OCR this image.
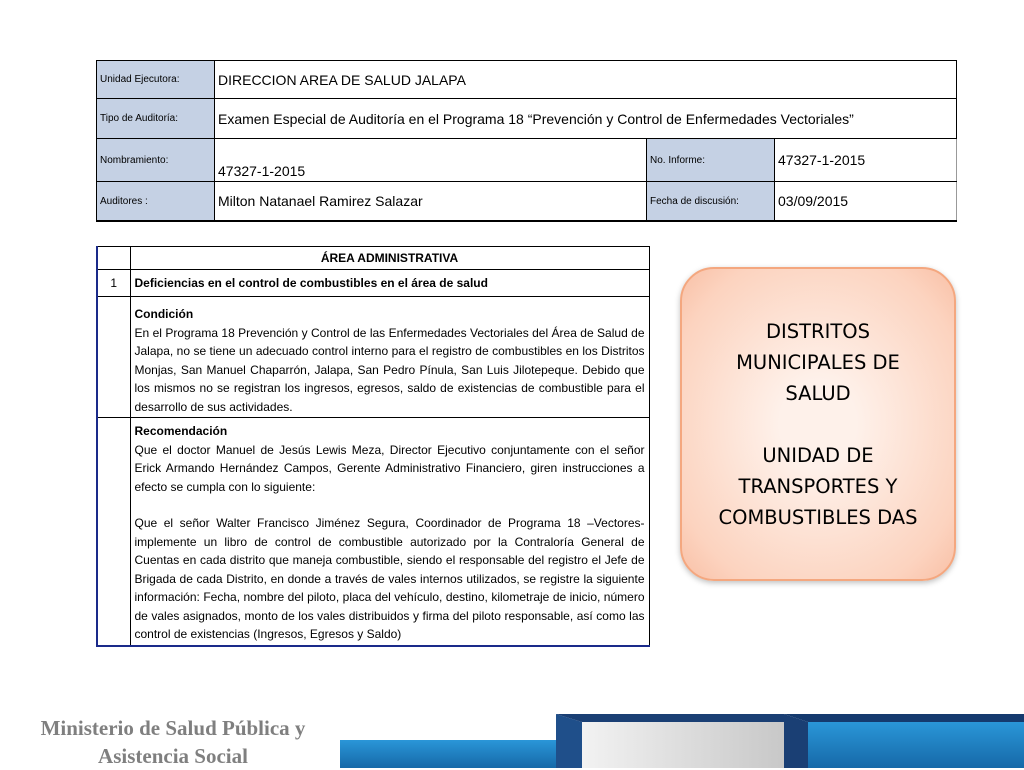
Unidad Ejecutora:	DIRECCION AREA DE SALUD JALAPA		
Tipo de Auditoría:	Examen Especial de Auditoría en el Programa 18 “Prevención y Control de Enfermedades Vectoriales”		
Nombramiento:	47327-1-2015	No. Informe:	47327-1-2015
Auditores :	Milton Natanael Ramirez Salazar	Fecha de discusión:	03/09/2015
	ÁREA ADMINISTRATIVA
1	Deficiencias en el control de combustibles en el área de salud

	Condición
En el Programa 18 Prevención y Control de las Enfermedades Vectoriales del Área de Salud de Jalapa, no se tiene un adecuado control interno para el registro de combustibles en los Distritos Monjas, San Manuel Chaparrón, Jalapa, San Pedro Pínula, San Luis Jilotepeque. Debido que los mismos no se registran los ingresos, egresos, saldo de existencias de combustible para el desarrollo de sus actividades.

	Recomendación
Que el doctor Manuel de Jesús Lewis Meza, Director Ejecutivo conjuntamente con el señor Erick Armando Hernández Campos, Gerente Administrativo Financiero, giren instrucciones a efecto se cumpla con lo siguiente:
Que el señor Walter Francisco Jiménez Segura, Coordinador de Programa 18 –Vectores- implemente un libro de control de combustible autorizado por la Contraloría General de Cuentas en cada distrito que maneja combustible, siendo el responsable del registro el Jefe de Brigada de cada Distrito, en donde a través de vales internos utilizados, se registre la siguiente información: Fecha, nombre del piloto, placa del vehículo, destino, kilometraje de inicio, número de vales asignados, monto de los vales distribuidos y firma del piloto responsable, así como las control de existencias (Ingresos, Egresos y Saldo)
DISTRITOS
MUNICIPALES DE
SALUD
UNIDAD DE
TRANSPORTES Y
COMBUSTIBLES DAS
Ministerio de Salud Pública y
Asistencia Social
